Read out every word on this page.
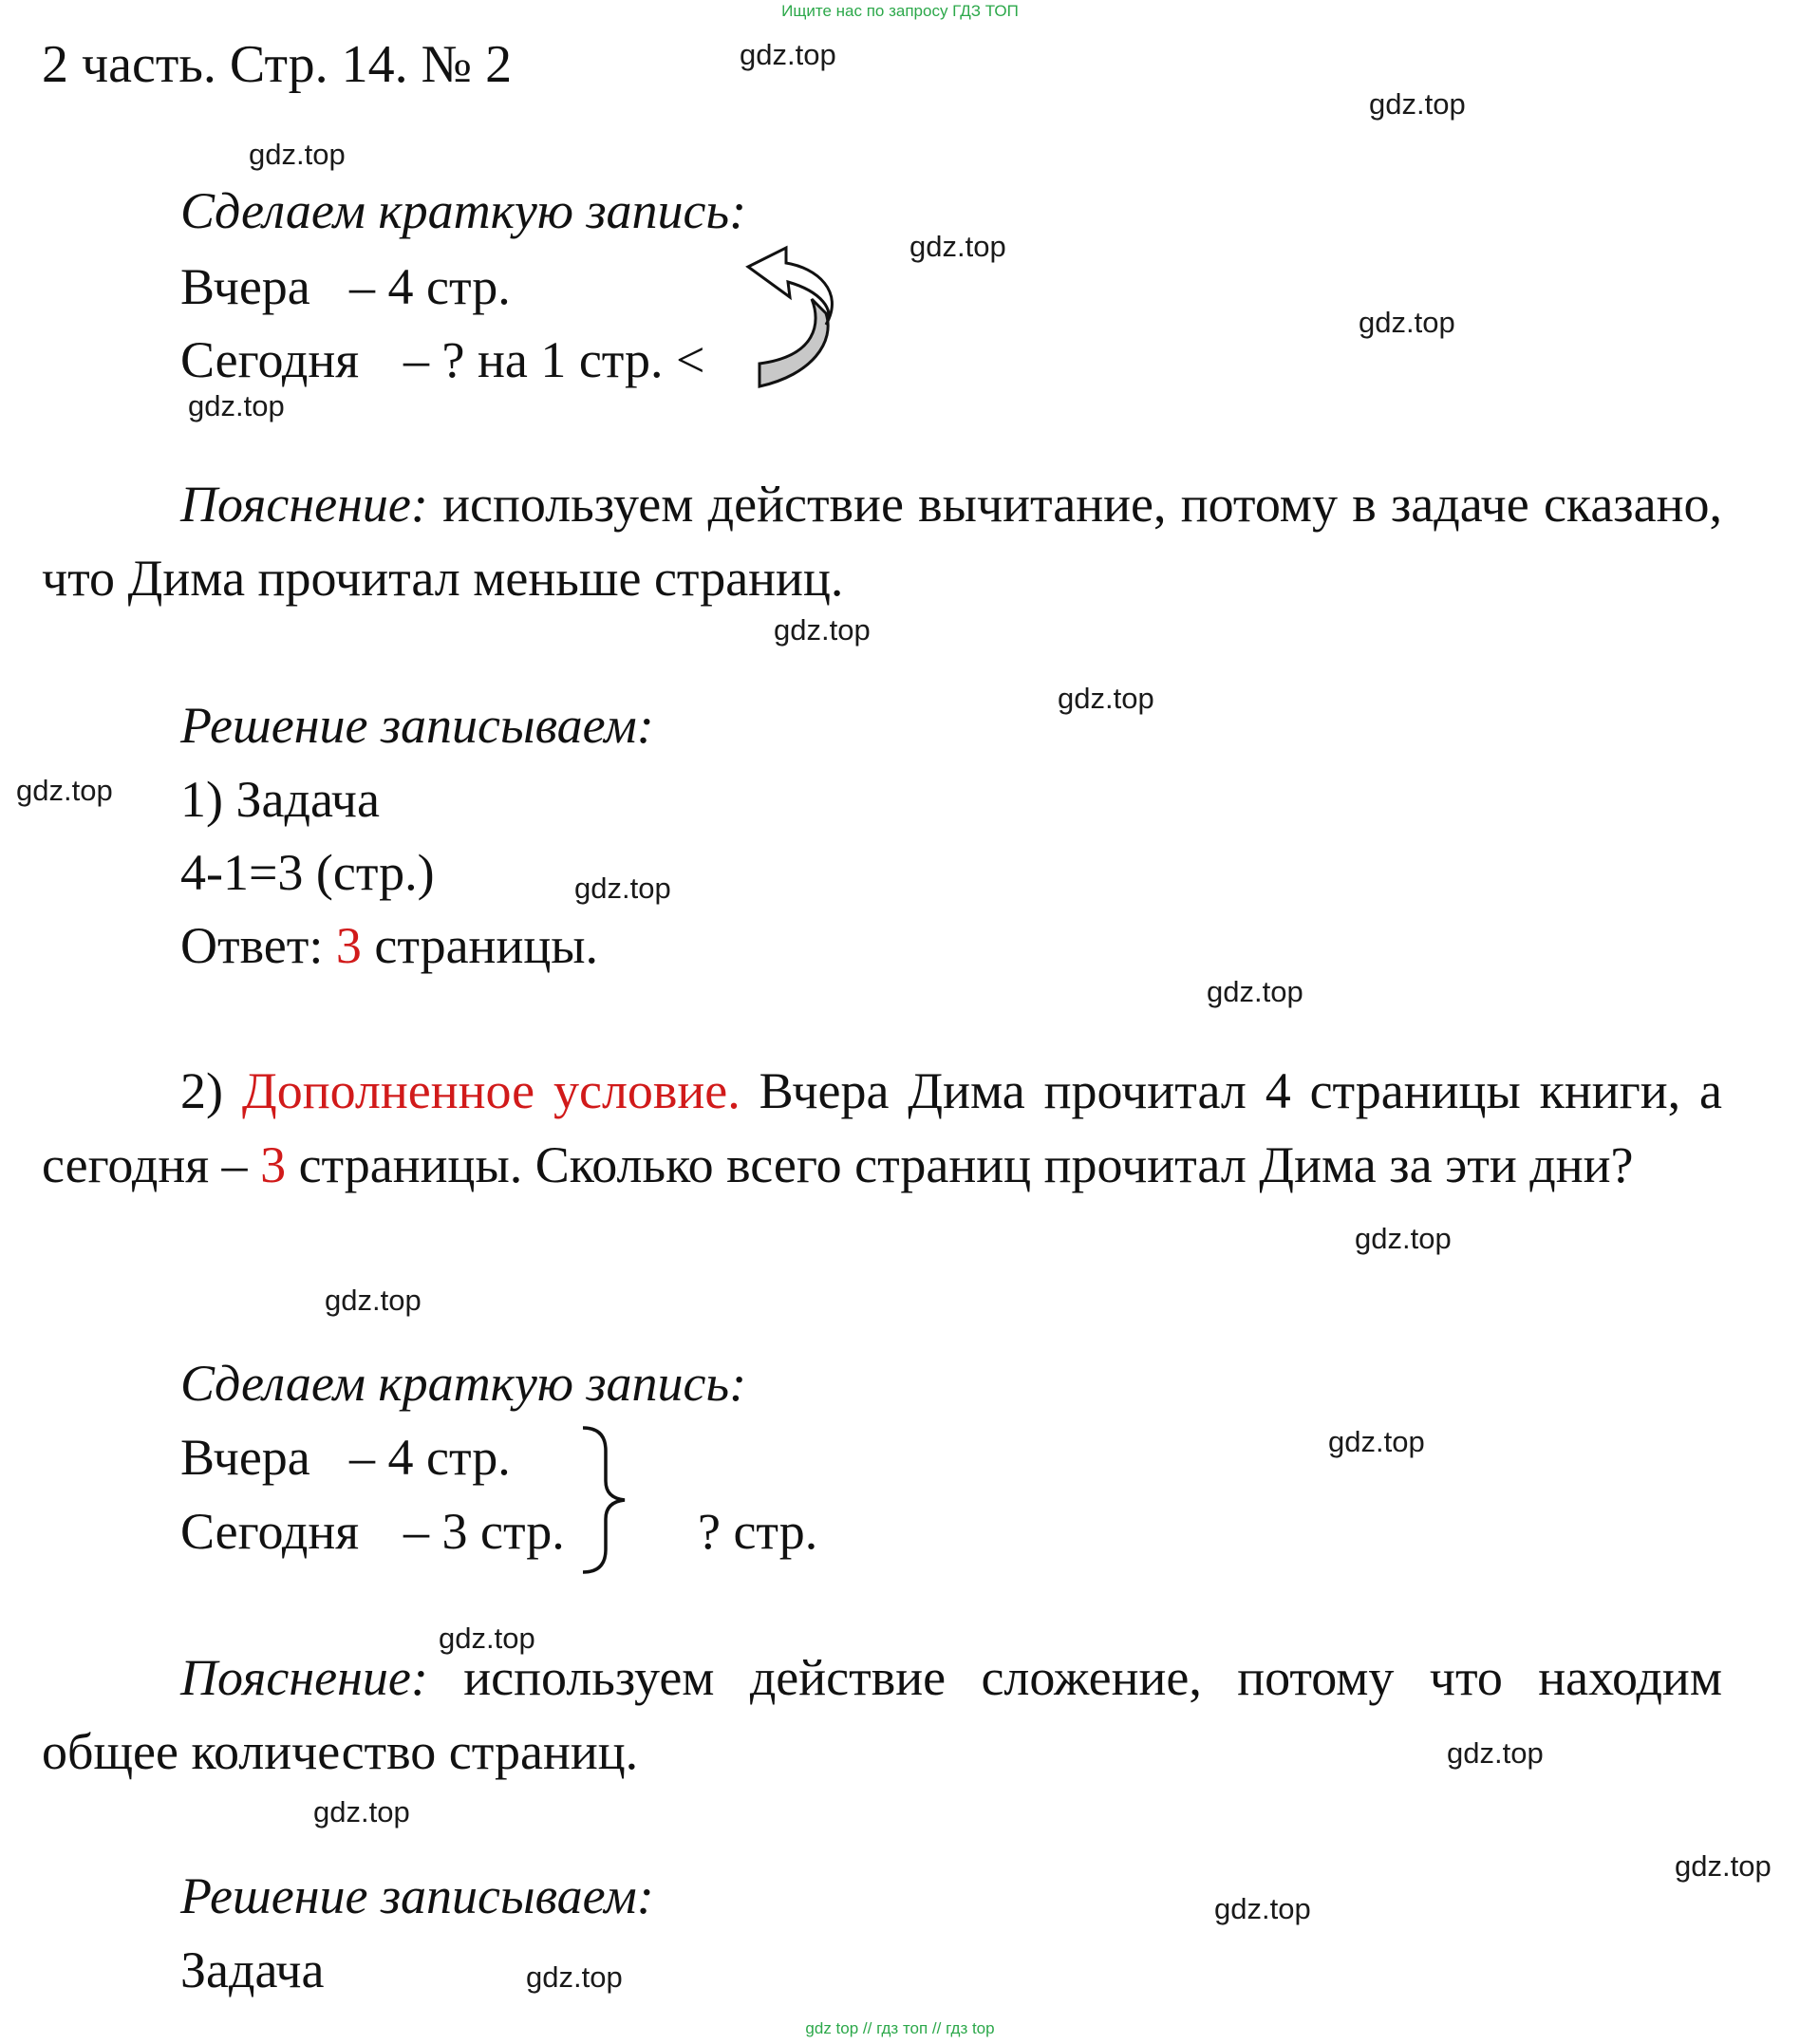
Ищите нас по запросу ГДЗ ТОП
2 часть. Стр. 14. № 2
Сделаем краткую запись:
Вчера – 4 стр.
Сегодня – ? на 1 стр. <
Пояснение: используем действие вычитание, потому в задаче сказано, что Дима прочитал меньше страниц.
Решение записываем:
1) Задача
4-1=3 (стр.)
Ответ: 3 страницы.
2) Дополненное условие. Вчера Дима прочитал 4 страницы книги, а сегодня – 3 страницы. Сколько всего страниц прочитал Дима за эти дни?
Сделаем краткую запись:
Вчера – 4 стр.
Сегодня – 3 стр.	? стр.
Пояснение: используем действие сложение, потому что находим общее количество страниц.
Решение записываем:
Задача
gdz.top
gdz.top
gdz.top
gdz.top
gdz.top
gdz.top
gdz.top
gdz.top
gdz.top
gdz.top
gdz.top
gdz.top
gdz.top
gdz.top
gdz.top
gdz.top
gdz.top
gdz.top
gdz.top
gdz.top
gdz top // гдз топ // гдз top
